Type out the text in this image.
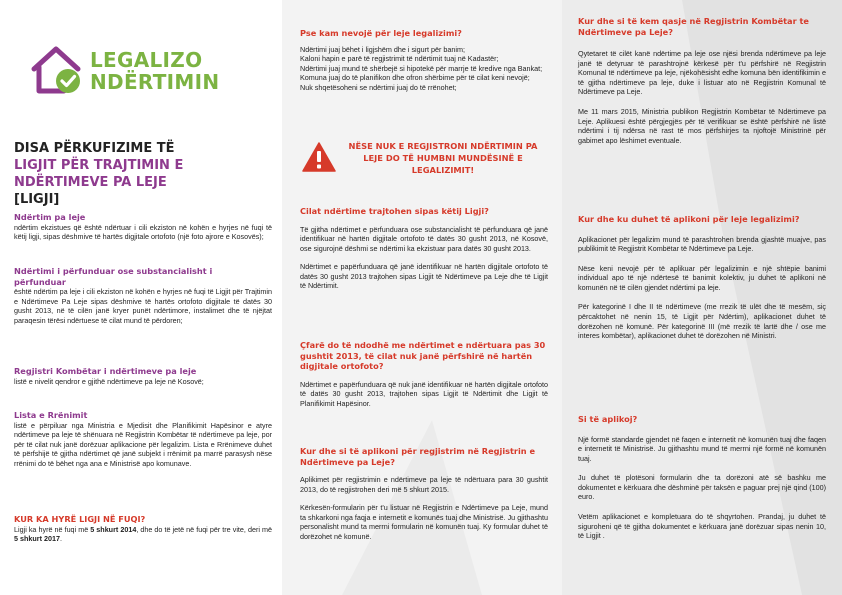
LEGALIZO
NDËRTIMIN
DISA PËRKUFIZIME TË
LIGJIT PËR TRAJTIMIN E
NDËRTIMEVE PA LEJE
[LIGJI]
Ndërtim pa leje
ndërtim ekzistues që është ndërtuar i cili ekziston në kohën e hyrjes në fuqi të këtij ligji, sipas dëshmive të hartës digjitale ortofoto (një foto ajrore e Kosovës);
Ndërtimi i përfunduar ose substancialisht i
përfunduar
është ndërtim pa leje i cili ekziston në kohën e hyrjes në fuqi të Ligjit për Trajtimin e Ndërtimeve Pa Leje sipas dëshmive të hartës ortofoto digjitale të datës 30 gusht 2013, në të cilën janë kryer punët ndërtimore, instalimet dhe të njëjtat paraqesin tërësi ndërtuese të cilat mund të përdoren;
Regjistri Kombëtar i ndërtimeve pa leje
listë e nivelit qendror e gjithë ndërtimeve pa leje në Kosovë;
Lista e Rrënimit
listë e përpiluar nga Ministria e Mjedisit dhe Planifikimit Hapësinor e atyre ndërtimeve pa leje të shënuara në Regjistrin Kombëtar të ndërtimeve pa leje, por për të cilat nuk janë dorëzuar aplikacione për legalizim. Lista e Rrënimeve duhet të përfshijë të gjitha ndërtimet që janë subjekt i rrënimit pa marrë parasysh nëse rrënimi do të bëhet nga ana e Ministrisë apo komunave.
KUR KA HYRË LIGJI NË FUQI?
Ligji ka hyrë në fuqi më 5 shkurt 2014, dhe do të jetë në fuqi për tre vite, deri më 5 shkurt 2017.
Pse kam nevojë për leje legalizimi?
Ndërtimi juaj bëhet i ligjshëm dhe i sigurt për banim;
Kaloni hapin e parë të regjistrimit të ndërtimit tuaj në Kadastër;
Ndërtimi juaj mund të shërbejë si hipotekë për marrje të kredive nga Bankat;
Komuna juaj do të planifikon dhe ofron shërbime për të cilat keni nevojë;
Nuk shqetësoheni se ndërtimi juaj do të rrënohet;
NËSE NUK E REGJISTRONI NDËRTIMIN PA
LEJE DO TË HUMBNI MUNDËSINË E
LEGALIZIMIT!
Cilat ndërtime trajtohen sipas këtij Ligji?
Të gjitha ndërtimet e përfunduara ose substancialisht të përfunduara që janë identifikuar në hartën digjitale ortofoto të datës 30 gusht 2013, në Kosovë, ose sigurojnë dëshmi se ndërtimi ka ekzistuar para datës 30 gusht 2013.
Ndërtimet e papërfunduara që janë identifikuar në hartën digjitale ortofoto të datës 30 gusht 2013 trajtohen sipas Ligjit të Ndërtimeve pa Leje dhe të Ligjit të Ndërtimit.
Çfarë do të ndodhë me ndërtimet e ndërtuara pas 30 gushtit 2013, të cilat nuk janë përfshirë në hartën digjitale ortofoto?
Ndërtimet e papërfunduara që nuk janë identifikuar në hartën digjitale ortofoto të datës 30 gusht 2013, trajtohen sipas Ligjit të Ndërtimit dhe Ligjit të Planifikimit Hapësinor.
Kur dhe si të aplikoni për regjistrim në Regjistrin e Ndërtimeve pa Leje?
Aplikimet për regjistrimin e ndërtimeve pa leje të ndërtuara para 30 gushtit 2013, do të regjistrohen deri më 5 shkurt 2015.
Kërkesën-formularin për t'u listuar në Regjistrin e Ndërtimeve pa Leje, mund ta shkarkoni nga faqja e internetit e komunës tuaj dhe Ministrisë. Ju gjithashtu personalisht mund ta merrni formularin në komunën tuaj. Ky formular duhet të dorëzohet në komunë.
Kur dhe si të kem qasje në Regjistrin Kombëtar te Ndërtimeve pa Leje?
Qytetaret të cilët kanë ndërtime pa leje ose njësi brenda ndërtimeve pa leje janë të detyruar të parashtrojnë kërkesë për t'u përfshirë në Regjistrin Komunal të ndërtimeve pa leje, njëkohësisht edhe komuna bën identifikimin e të gjitha ndërtimeve pa leje, duke i listuar ato në Regjistrin Komunal të Ndërtimeve pa Leje.
Me 11 mars 2015, Ministria publikon Regjistrin Kombëtar të Ndërtimeve pa Leje. Aplikuesi është përgjegjës për të verifikuar se është përfshirë në listë ndërtimi i tij ndërsa në rast të mos përfshirjes ta njoftojë Ministrinë për gabimet apo lëshimet eventuale.
Kur dhe ku duhet të aplikoni për leje legalizimi?
Aplikacionet për legalizim mund të parashtrohen brenda gjashtë muajve, pas publikimit të Regjistrit Kombëtar të Ndërtimeve pa Leje.
Nëse keni nevojë për të aplikuar për legalizimin e një shtëpie banimi individual apo të një ndërtesë të banimit kolektiv, ju duhet të aplikoni në komunën në të cilën gjendet ndërtimi pa leje.
Për kategorinë I dhe II të ndërtimeve (me rrezik të ulët dhe të mesëm, siç përcaktohet në nenin 15, të Ligjit për Ndërtim), aplikacionet duhet të dorëzohen në komunë. Për kategorinë III (më rrezik të lartë dhe / ose me interes kombëtar), aplikacionet duhet të dorëzohen në Ministri.
Si të aplikoj?
Një formë standarde gjendet në faqen e internetit në komunën tuaj dhe faqen e internetit të Ministrisë. Ju gjithashtu mund të merrni një formë në komunën tuaj.
Ju duhet të plotësoni formularin dhe ta dorëzoni atë së bashku me dokumentet e kërkuara dhe dëshminë për taksën e paguar prej një qind (100) euro.
Vetëm aplikacionet e kompletuara do të shqyrtohen. Prandaj, ju duhet të siguroheni që të gjitha dokumentet e kërkuara janë dorëzuar sipas nenin 10, të Ligjit .
